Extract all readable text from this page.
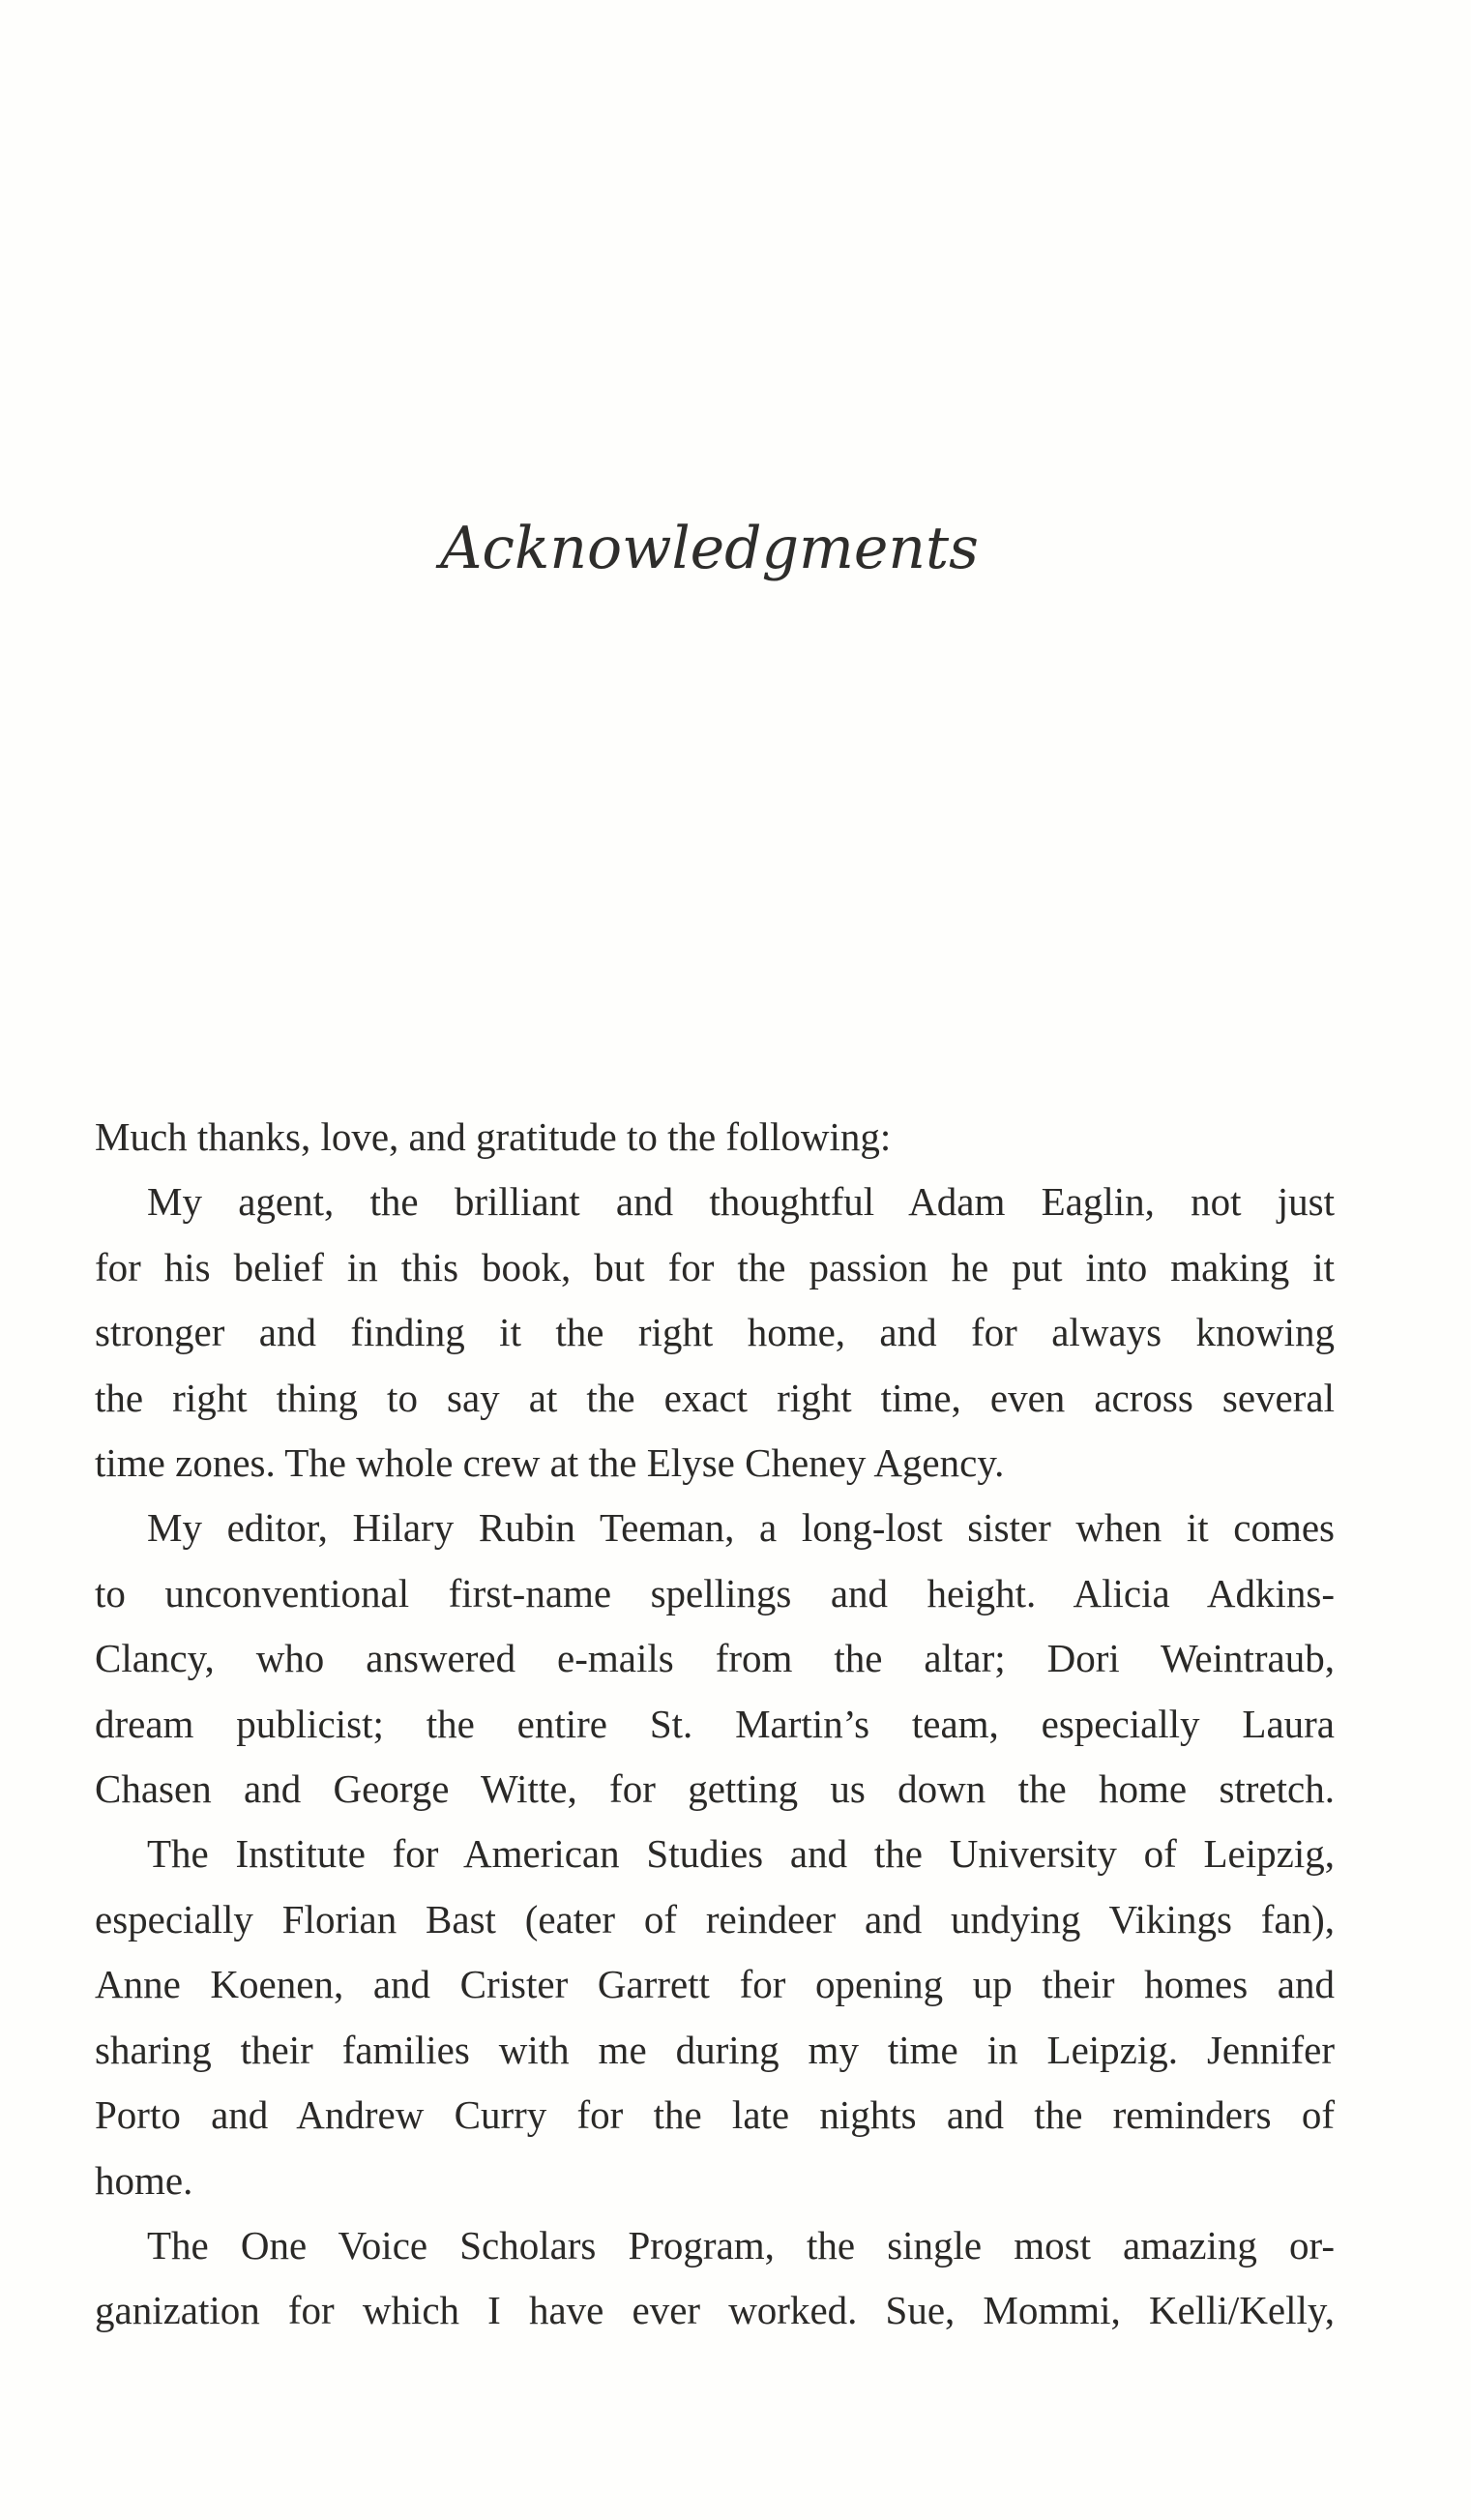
Acknowledgments

Much thanks, love, and gratitude to the following:

My agent, the brilliant and thoughtful Adam Eaglin, not just
for his belief in this book, but for the passion he put into making it
stronger and finding it the right home, and for always knowing
the right thing to say at the exact right time, even across several
time zones. The whole crew at the Elyse Cheney Agency.

My editor, Hilary Rubin Teeman, a long-lost sister when it comes
to unconventional first-name spellings and height. Alicia Adkins-
Clancy, who answered e-mails from the altar; Dori Weintraub,
dream publicist; the entire St. Martin’s team, especially Laura
Chasen and George Witte, for getting us down the home stretch.

The Institute for American Studies and the University of Leipzig,
especially Florian Bast (eater of reindeer and undying Vikings fan),
Anne Koenen, and Crister Garrett for opening up their homes and
sharing their families with me during my time in Leipzig. Jennifer
Porto and Andrew Curry for the late nights and the reminders of
home.

The One Voice Scholars Program, the single most amazing or-
ganization for which I have ever worked. Sue, Mommi, Kelli/Kelly,
